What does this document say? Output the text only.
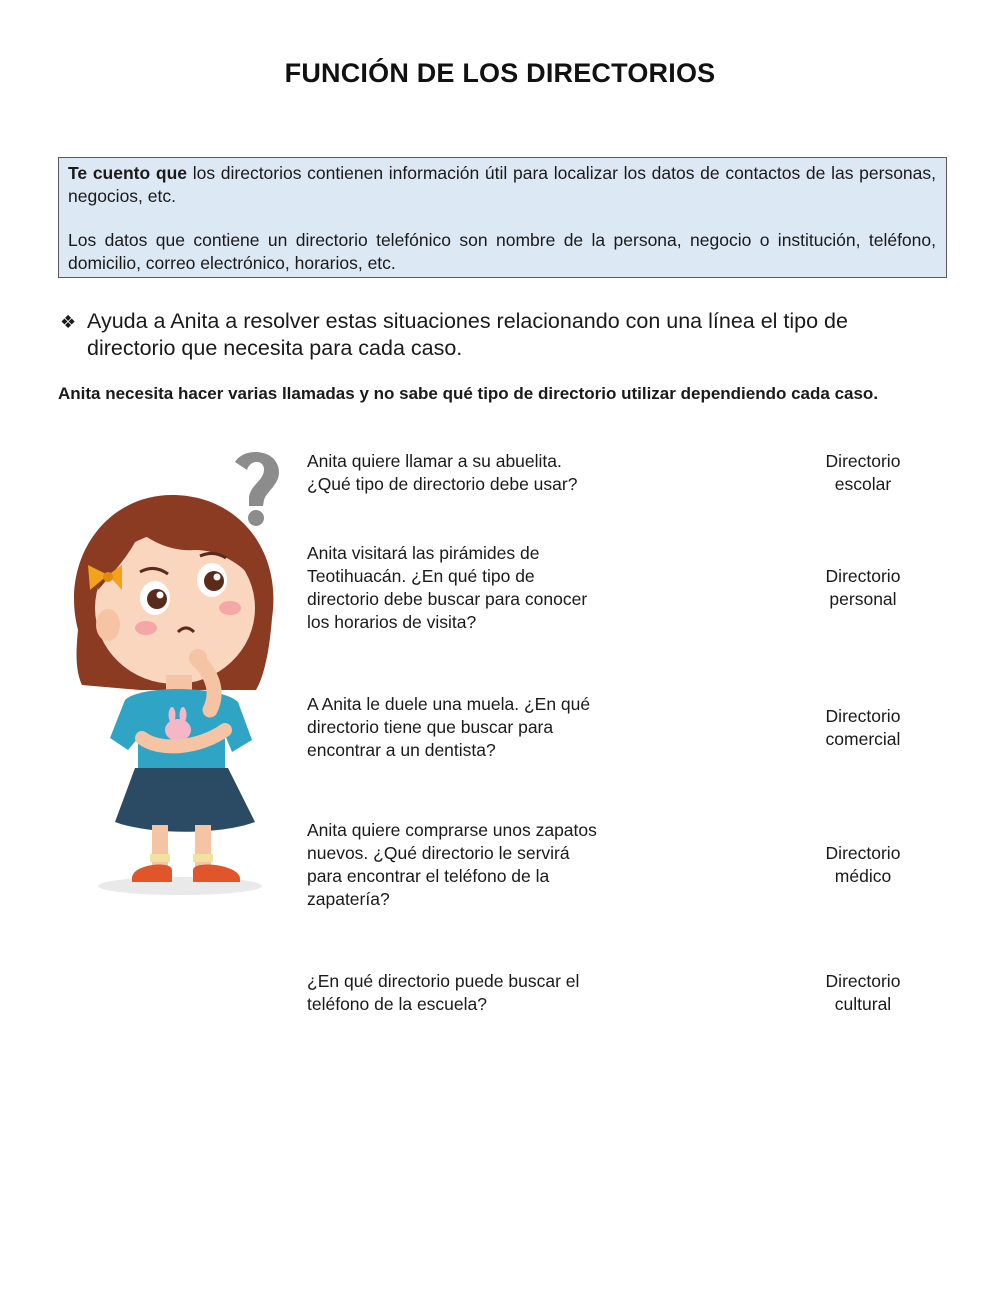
FUNCIÓN DE LOS DIRECTORIOS

Te cuento que los directorios contienen información útil para localizar los datos de contactos de las personas, negocios, etc.

Los datos que contiene un directorio telefónico son nombre de la persona, negocio o institución, teléfono, domicilio, correo electrónico, horarios, etc.

❖ Ayuda a Anita a resolver estas situaciones relacionando con una línea el tipo de directorio que necesita para cada caso.
Anita necesita hacer varias llamadas y no sabe qué tipo de directorio utilizar dependiendo cada caso.
Anita quiere llamar a su abuelita.
¿Qué tipo de directorio debe usar?
Anita visitará las pirámides de
Teotihuacán. ¿En qué tipo de
directorio debe buscar para conocer
los horarios de visita?
A Anita le duele una muela. ¿En qué
directorio tiene que buscar para
encontrar a un dentista?
Anita quiere comprarse unos zapatos
nuevos. ¿Qué directorio le servirá
para encontrar el teléfono de la
zapatería?
¿En qué directorio puede buscar el
teléfono de la escuela?
Directorio
escolar
Directorio
personal
Directorio
comercial
Directorio
médico
Directorio
cultural
